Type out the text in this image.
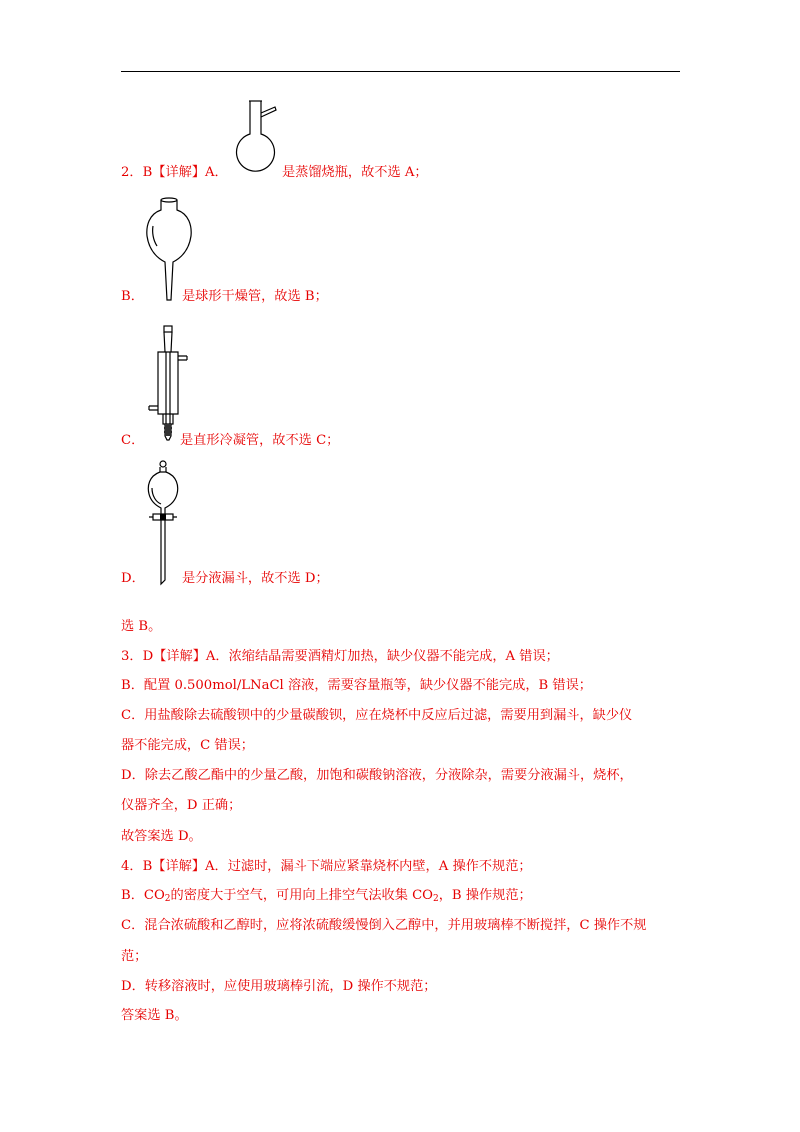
2．B【详解】A．	是蒸馏烧瓶，故不选 A；
B．	是球形干燥管，故选 B；
C．	是直形冷凝管，故不选 C；
D．	是分液漏斗，故不选 D；
选 B。
3．D【详解】A．浓缩结晶需要酒精灯加热，缺少仪器不能完成，A 错误；
B．配置 0.500mol/LNaCl 溶液，需要容量瓶等，缺少仪器不能完成，B 错误；
C．用盐酸除去硫酸钡中的少量碳酸钡，应在烧杯中反应后过滤，需要用到漏斗，缺少仪
器不能完成，C 错误；
D．除去乙酸乙酯中的少量乙酸，加饱和碳酸钠溶液，分液除杂，需要分液漏斗，烧杯，
仪器齐全，D 正确；
故答案选 D。
4．B【详解】A．过滤时，漏斗下端应紧靠烧杯内壁，A 操作不规范；
B．$CO_2$的密度大于空气，可用向上排空气法收集 $CO_2$，B 操作规范；
C．混合浓硫酸和乙醇时，应将浓硫酸缓慢倒入乙醇中，并用玻璃棒不断搅拌，C 操作不规
范；
D．转移溶液时，应使用玻璃棒引流，D 操作不规范；
答案选 B。
